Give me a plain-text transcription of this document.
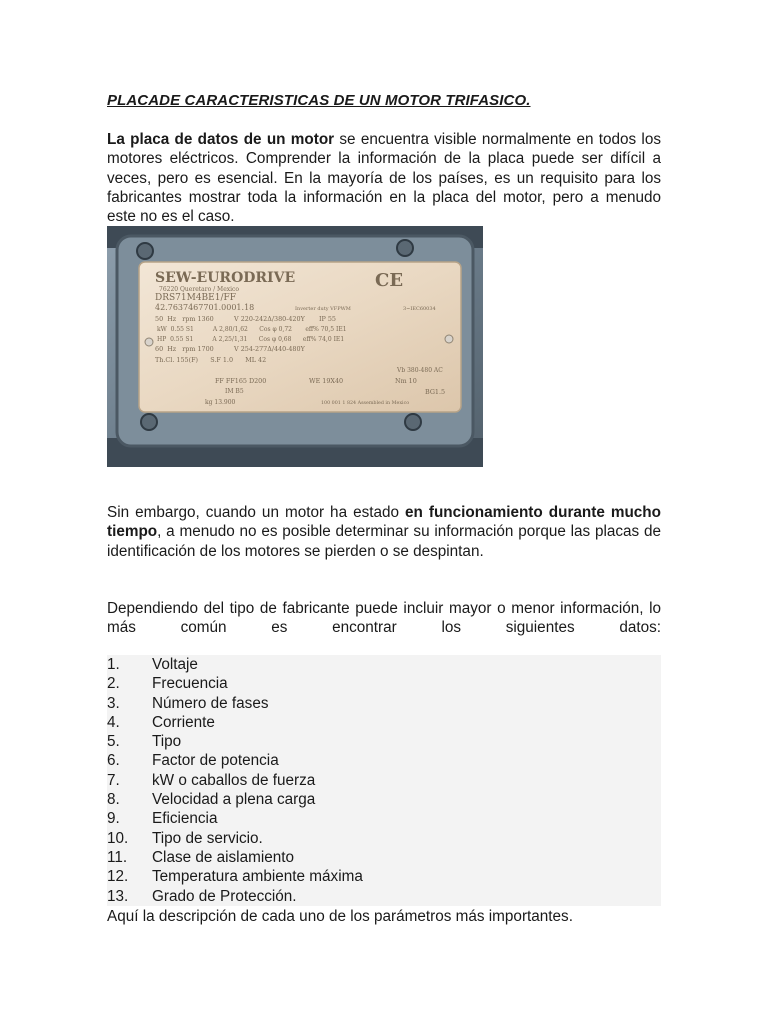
PLACADE CARACTERISTICAS DE UN MOTOR TRIFASICO.

La placa de datos de un motor se encuentra visible normalmente en todos los motores eléctricos. Comprender la información de la placa puede ser difícil a veces, pero es esencial. En la mayoría de los países, es un requisito para los fabricantes mostrar toda la información en la placa del motor, pero a menudo este no es el caso.

SEW-EURODRIVE	CE
76220 Queretaro / Mexico
DRS71M4BE1/FF
42.7637467701.0001.18	Inverter duty VFPWM	3~IEC60034
50  Hz   rpm 1360          V 220-242Δ/380-420Y       IP 55
kW  0.55 S1          A 2,80/1,62      Cos φ 0,72       eff% 70,5 IE1
HP  0.55 S1          A 2,25/1,31      Cos φ 0,68      eff% 74,0 IE1
60  Hz   rpm 1700          V 254-277Δ/440-480Y
Th.Cl. 155(F)      S.F 1.0      ML 42
Vb 380-480 AC
FF FF165 D200	WE 19X40	Nm 10
IM B5	BG1.5
kg 13.900	100 001 1 824 Assembled in Mexico

Sin embargo, cuando un motor ha estado en funcionamiento durante mucho tiempo, a menudo no es posible determinar su información porque las placas de identificación de los motores se pierden o se despintan.

Dependiendo del tipo de fabricante puede incluir mayor o menor información, lo más común es encontrar los siguientes datos:

1.	Voltaje
2.	Frecuencia
3.	Número de fases
4.	Corriente
5.	Tipo
6.	Factor de potencia
7.	kW o caballos de fuerza
8.	Velocidad a plena carga
9.	Eficiencia
10.	Tipo de servicio.
11.	Clase de aislamiento
12.	Temperatura ambiente máxima
13.	Grado de Protección.
Aquí la descripción de cada uno de los parámetros más importantes.
